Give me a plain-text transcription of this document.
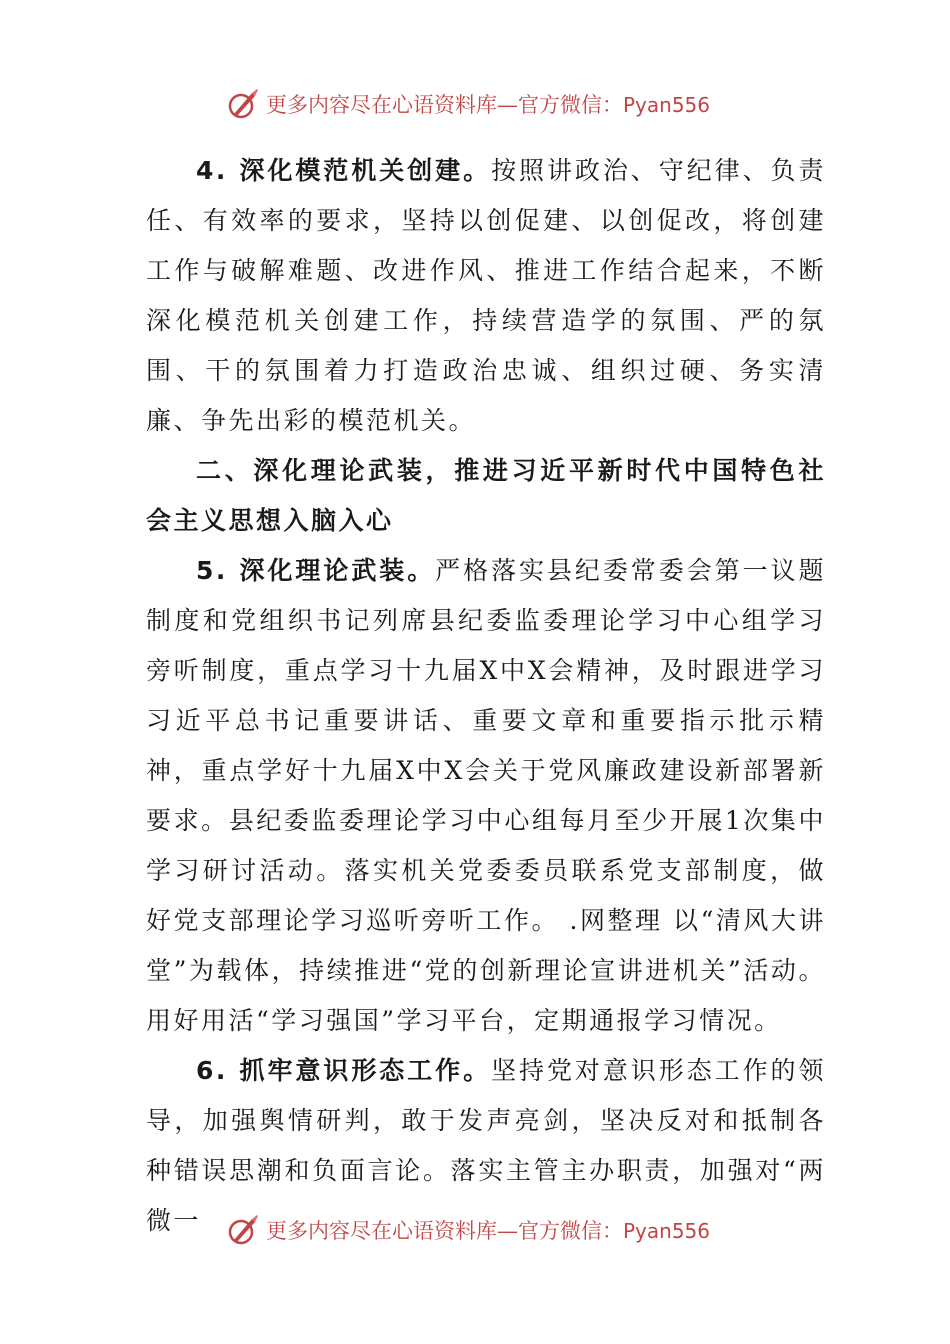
更多内容尽在心语资料库—官方微信：Pyan556

4. 深化模范机关创建。按照讲政治、守纪律、负责任、有效率的要求，坚持以创促建、以创促改，将创建工作与破解难题、改进作风、推进工作结合起来，不断深化模范机关创建工作，持续营造学的氛围、严的氛围、干的氛围着力打造政治忠诚、组织过硬、务实清廉、争先出彩的模范机关。

二、深化理论武装，推进习近平新时代中国特色社会主义思想入脑入心

5. 深化理论武装。严格落实县纪委常委会第一议题制度和党组织书记列席县纪委监委理论学习中心组学习旁听制度，重点学习十九届X中X会精神，及时跟进学习习近平总书记重要讲话、重要文章和重要指示批示精神，重点学好十九届X中X会关于党风廉政建设新部署新要求。县纪委监委理论学习中心组每月至少开展1次集中学习研讨活动。落实机关党委委员联系党支部制度，做好党支部理论学习巡听旁听工作。 .网整理 以“清风大讲堂”为载体，持续推进“党的创新理论宣讲进机关”活动。用好用活“学习强国”学习平台，定期通报学习情况。

6. 抓牢意识形态工作。坚持党对意识形态工作的领导，加强舆情研判，敢于发声亮剑，坚决反对和抵制各种错误思潮和负面言论。落实主管主办职责，加强对“两微一	更多内容尽在心语资料库—官方微信：Pyan556
